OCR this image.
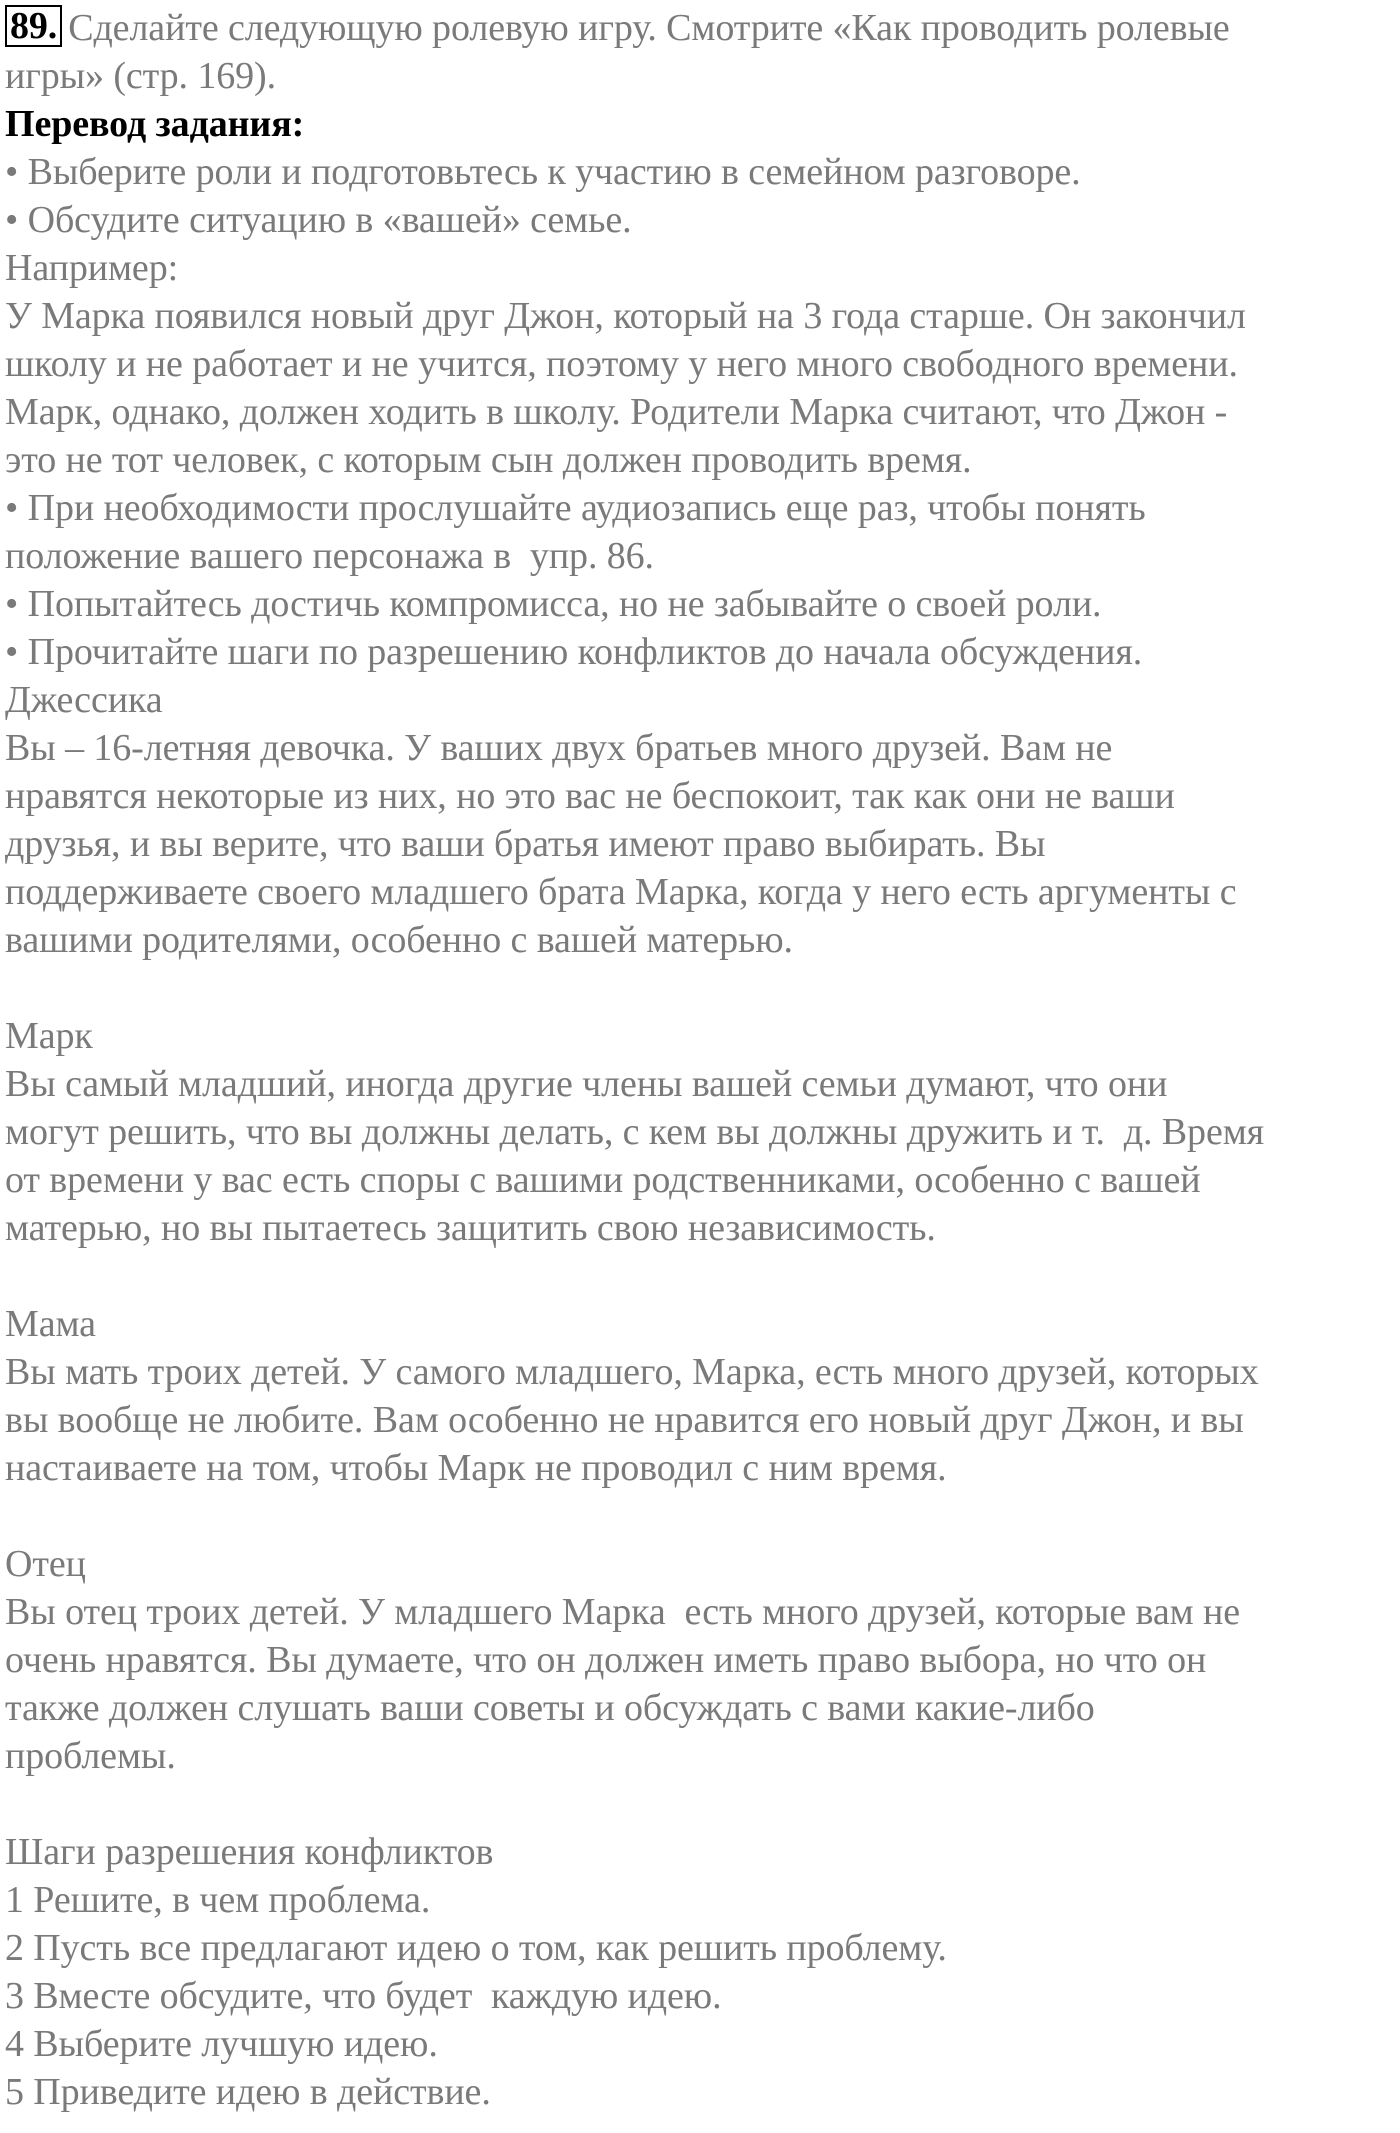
89. Сделайте следующую ролевую игру. Смотрите «Как проводить ролевые
игры» (стр. 169).
Перевод задания:
• Выберите роли и подготовьтесь к участию в семейном разговоре.
• Обсудите ситуацию в «вашей» семье.
Например:
У Марка появился новый друг Джон, который на 3 года старше. Он закончил
школу и не работает и не учится, поэтому у него много свободного времени.
Марк, однако, должен ходить в школу. Родители Марка считают, что Джон -
это не тот человек, с которым сын должен проводить время.
• При необходимости прослушайте аудиозапись еще раз, чтобы понять
положение вашего персонажа в  упр. 86.
• Попытайтесь достичь компромисса, но не забывайте о своей роли.
• Прочитайте шаги по разрешению конфликтов до начала обсуждения.
Джессика
Вы – 16-летняя девочка. У ваших двух братьев много друзей. Вам не
нравятся некоторые из них, но это вас не беспокоит, так как они не ваши
друзья, и вы верите, что ваши братья имеют право выбирать. Вы
поддерживаете своего младшего брата Марка, когда у него есть аргументы с
вашими родителями, особенно с вашей матерью.
Марк
Вы самый младший, иногда другие члены вашей семьи думают, что они
могут решить, что вы должны делать, с кем вы должны дружить и т.  д. Время
от времени у вас есть споры с вашими родственниками, особенно с вашей
матерью, но вы пытаетесь защитить свою независимость.
Мама
Вы мать троих детей. У самого младшего, Марка, есть много друзей, которых
вы вообще не любите. Вам особенно не нравится его новый друг Джон, и вы
настаиваете на том, чтобы Марк не проводил с ним время.
Отец
Вы отец троих детей. У младшего Марка  есть много друзей, которые вам не
очень нравятся. Вы думаете, что он должен иметь право выбора, но что он
также должен слушать ваши советы и обсуждать с вами какие-либо
проблемы.
Шаги разрешения конфликтов
1 Решите, в чем проблема.
2 Пусть все предлагают идею о том, как решить проблему.
3 Вместе обсудите, что будет  каждую идею.
4 Выберите лучшую идею.
5 Приведите идею в действие.
